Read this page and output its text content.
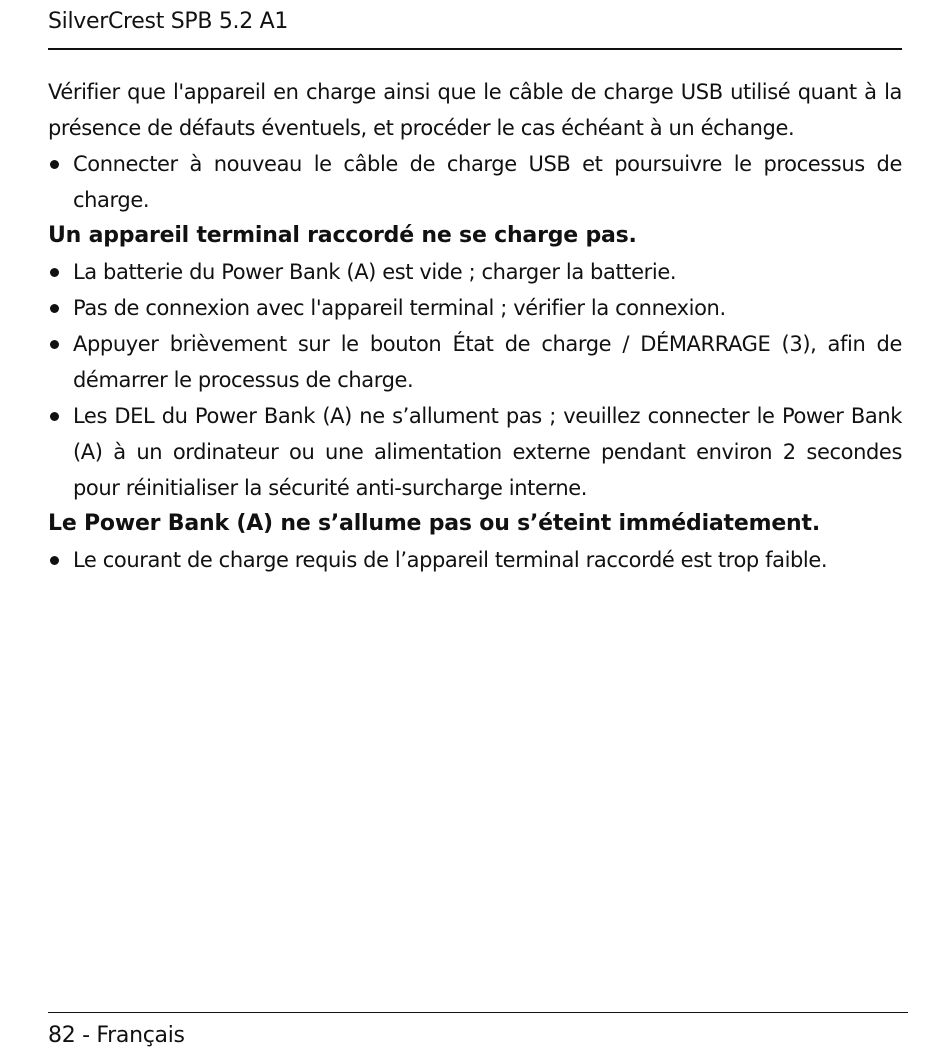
SilverCrest SPB 5.2 A1

Vérifier que l'appareil en charge ainsi que le câble de charge USB utilisé quant à la présence de défauts éventuels, et procéder le cas échéant à un échange.

Connecter à nouveau le câble de charge USB et poursuivre le processus de charge.
Un appareil terminal raccordé ne se charge pas.
La batterie du Power Bank (A) est vide ; charger la batterie.
Pas de connexion avec l'appareil terminal ; vérifier la connexion.
Appuyer brièvement sur le bouton État de charge / DÉMARRAGE (3), afin de démarrer le processus de charge.
Les DEL du Power Bank (A) ne s’allument pas ; veuillez connecter le Power Bank (A) à un ordinateur ou une alimentation externe pendant environ 2 secondes pour réinitialiser la sécurité anti-surcharge interne.
Le Power Bank (A) ne s’allume pas ou s’éteint immédiatement.
Le courant de charge requis de l’appareil terminal raccordé est trop faible.
82 - Français
